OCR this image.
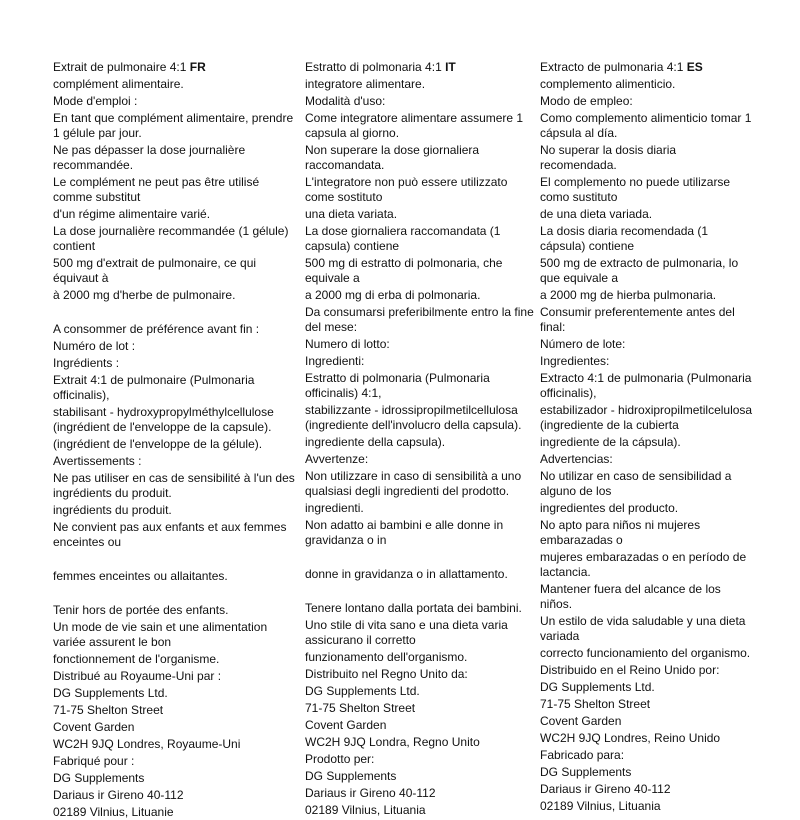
Extrait de pulmonaire 4:1 FR
complément alimentaire.
Mode d'emploi :
En tant que complément alimentaire, prendre 1 gélule par jour.
Ne pas dépasser la dose journalière recommandée.
Le complément ne peut pas être utilisé comme substitut
d'un régime alimentaire varié.
La dose journalière recommandée (1 gélule) contient
500 mg d'extrait de pulmonaire, ce qui équivaut à
à 2000 mg d'herbe de pulmonaire.
A consommer de préférence avant fin :
Numéro de lot :
Ingrédients :
Extrait 4:1 de pulmonaire (Pulmonaria officinalis),
stabilisant - hydroxypropylméthylcellulose (ingrédient de l'enveloppe de la capsule).
(ingrédient de l'enveloppe de la gélule).
Avertissements :
Ne pas utiliser en cas de sensibilité à l'un des ingrédients du produit.
ingrédients du produit.
Ne convient pas aux enfants et aux femmes enceintes ou
femmes enceintes ou allaitantes.
Tenir hors de portée des enfants.
Un mode de vie sain et une alimentation variée assurent le bon
fonctionnement de l'organisme.
Distribué au Royaume-Uni par :
DG Supplements Ltd.
71-75 Shelton Street
Covent Garden
WC2H 9JQ Londres, Royaume-Uni
Fabriqué pour :
DG Supplements
Dariaus ir Gireno 40-112
02189 Vilnius, Lituanie
Estratto di polmonaria 4:1 IT
integratore alimentare.
Modalità d'uso:
Come integratore alimentare assumere 1 capsula al giorno.
Non superare la dose giornaliera raccomandata.
L'integratore non può essere utilizzato come sostituto
una dieta variata.
La dose giornaliera raccomandata (1 capsula) contiene
500 mg di estratto di polmonaria, che equivale a
a 2000 mg di erba di polmonaria.
Da consumarsi preferibilmente entro la fine del mese:
Numero di lotto:
Ingredienti:
Estratto di polmonaria (Pulmonaria officinalis) 4:1,
stabilizzante - idrossipropilmetilcellulosa (ingrediente dell'involucro della capsula).
ingrediente della capsula).
Avvertenze:
Non utilizzare in caso di sensibilità a uno qualsiasi degli ingredienti del prodotto.
ingredienti.
Non adatto ai bambini e alle donne in gravidanza o in
donne in gravidanza o in allattamento.
Tenere lontano dalla portata dei bambini.
Uno stile di vita sano e una dieta varia assicurano il corretto
funzionamento dell'organismo.
Distribuito nel Regno Unito da:
DG Supplements Ltd.
71-75 Shelton Street
Covent Garden
WC2H 9JQ Londra, Regno Unito
Prodotto per:
DG Supplements
Dariaus ir Gireno 40-112
02189 Vilnius, Lituania
Extracto de pulmonaria 4:1 ES
complemento alimenticio.
Modo de empleo:
Como complemento alimenticio tomar 1 cápsula al día.
No superar la dosis diaria recomendada.
El complemento no puede utilizarse como sustituto
de una dieta variada.
La dosis diaria recomendada (1 cápsula) contiene
500 mg de extracto de pulmonaria, lo que equivale a
a 2000 mg de hierba pulmonaria.
Consumir preferentemente antes del final:
Número de lote:
Ingredientes:
Extracto 4:1 de pulmonaria (Pulmonaria officinalis),
estabilizador - hidroxipropilmetilcelulosa (ingrediente de la cubierta
ingrediente de la cápsula).
Advertencias:
No utilizar en caso de sensibilidad a alguno de los
ingredientes del producto.
No apto para niños ni mujeres embarazadas o
mujeres embarazadas o en período de lactancia.
Mantener fuera del alcance de los niños.
Un estilo de vida saludable y una dieta variada
correcto funcionamiento del organismo.
Distribuido en el Reino Unido por:
DG Supplements Ltd.
71-75 Shelton Street
Covent Garden
WC2H 9JQ Londres, Reino Unido
Fabricado para:
DG Supplements
Dariaus ir Gireno 40-112
02189 Vilnius, Lituania
